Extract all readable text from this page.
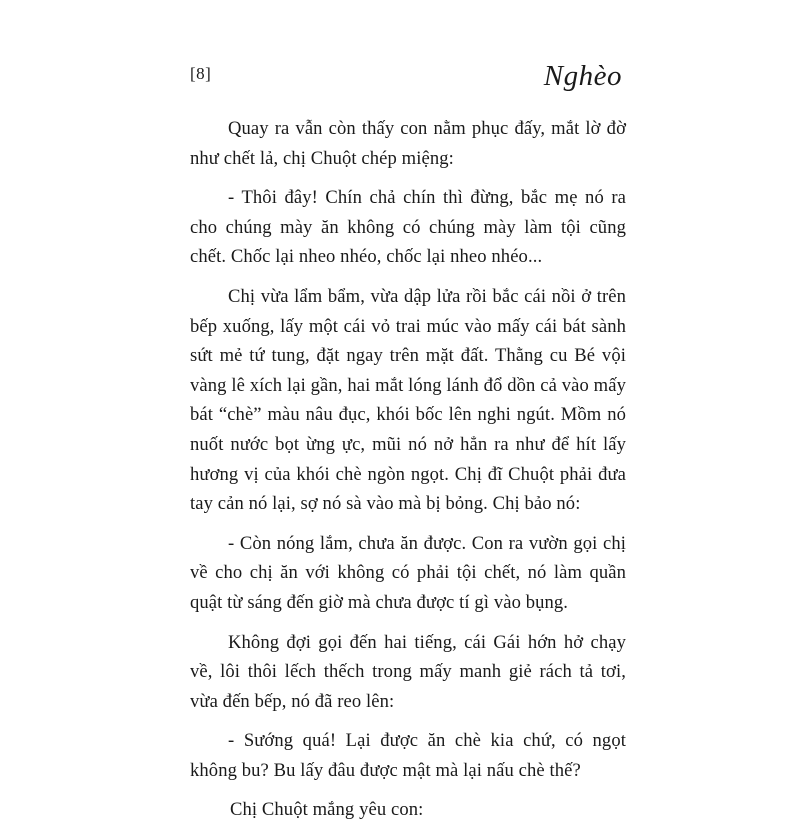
[8]	Nghèo

Quay ra vẫn còn thấy con nằm phục đấy, mắt lờ đờ như chết lả, chị Chuột chép miệng:

- Thôi đây! Chín chả chín thì đừng, bắc mẹ nó ra cho chúng mày ăn không có chúng mày làm tội cũng chết. Chốc lại nheo nhéo, chốc lại nheo nhéo...

Chị vừa lẩm bẩm, vừa dập lửa rồi bắc cái nồi ở trên bếp xuống, lấy một cái vỏ trai múc vào mấy cái bát sành sứt mẻ tứ tung, đặt ngay trên mặt đất. Thằng cu Bé vội vàng lê xích lại gần, hai mắt lóng lánh đổ dồn cả vào mấy bát “chè” màu nâu đục, khói bốc lên nghi ngút. Mồm nó nuốt nước bọt ừng ực, mũi nó nở hẳn ra như để hít lấy hương vị của khói chè ngòn ngọt. Chị đĩ Chuột phải đưa tay cản nó lại, sợ nó sà vào mà bị bỏng. Chị bảo nó:

- Còn nóng lắm, chưa ăn được. Con ra vườn gọi chị về cho chị ăn với không có phải tội chết, nó làm quần quật từ sáng đến giờ mà chưa được tí gì vào bụng.

Không đợi gọi đến hai tiếng, cái Gái hớn hở chạy về, lôi thôi lếch thếch trong mấy manh giẻ rách tả tơi, vừa đến bếp, nó đã reo lên:

- Sướng quá! Lại được ăn chè kia chứ, có ngọt không bu? Bu lấy đâu được mật mà lại nấu chè thế?

Chị Chuột mắng yêu con:
